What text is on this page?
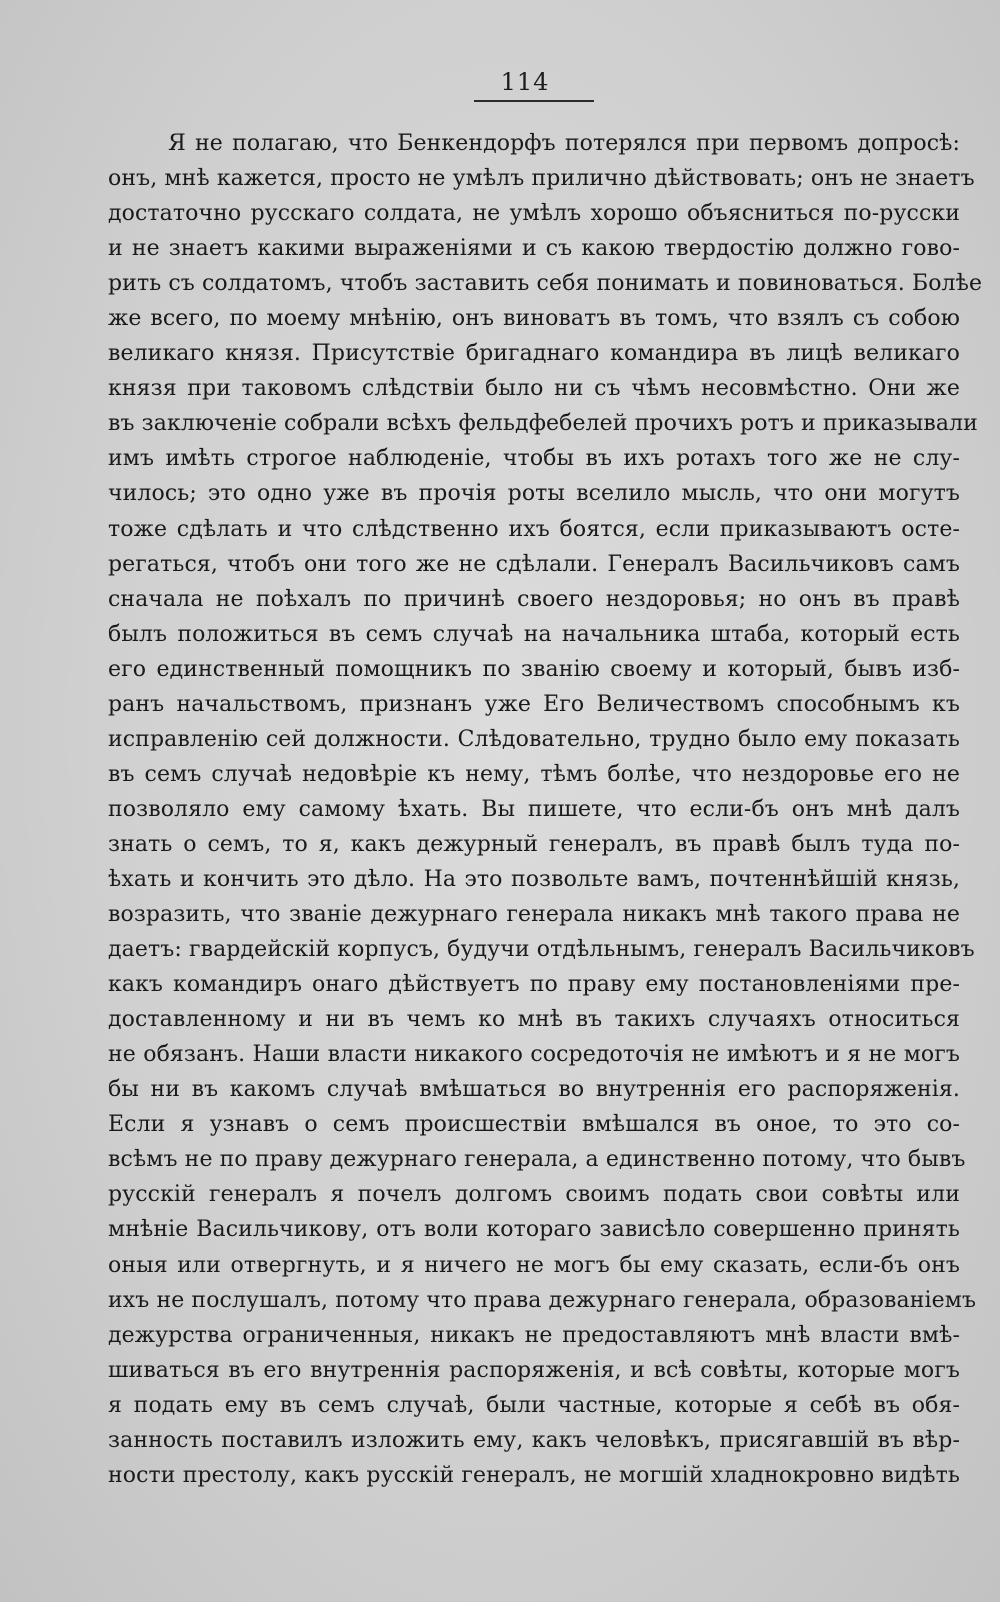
114
Я не полагаю, что Бенкендорфъ потерялся при первомъ допросѣ:
онъ, мнѣ кажется, просто не умѣлъ прилично дѣйствовать; онъ не знаетъ
достаточно русскаго солдата, не умѣлъ хорошо объясниться по-русски
и не знаетъ какими выраженіями и съ какою твердостію должно гово-
рить съ солдатомъ, чтобъ заставить себя понимать и повиноваться. Болѣе
же всего, по моему мнѣнію, онъ виноватъ въ томъ, что взялъ съ собою
великаго князя. Присутствіе бригаднаго командира въ лицѣ великаго
князя при таковомъ слѣдствіи было ни съ чѣмъ несовмѣстно. Они же
въ заключеніе собрали всѣхъ фельдфебелей прочихъ ротъ и приказывали
имъ имѣть строгое наблюденіе, чтобы въ ихъ ротахъ того же не слу-
чилось; это одно уже въ прочія роты вселило мысль, что они могутъ
тоже сдѣлать и что слѣдственно ихъ боятся, если приказываютъ осте-
регаться, чтобъ они того же не сдѣлали. Генералъ Васильчиковъ самъ
сначала не поѣхалъ по причинѣ своего нездоровья; но онъ въ правѣ
былъ положиться въ семъ случаѣ на начальника штаба, который есть
его единственный помощникъ по званію своему и который, бывъ изб-
ранъ начальствомъ, признанъ уже Его Величествомъ способнымъ къ
исправленію сей должности. Слѣдовательно, трудно было ему показать
въ семъ случаѣ недовѣріе къ нему, тѣмъ болѣе, что нездоровье его не
позволяло ему самому ѣхать. Вы пишете, что если-бъ онъ мнѣ далъ
знать о семъ, то я, какъ дежурный генералъ, въ правѣ былъ туда по-
ѣхать и кончить это дѣло. На это позвольте вамъ, почтеннѣйшій князь,
возразить, что званіе дежурнаго генерала никакъ мнѣ такого права не
даетъ: гвардейскій корпусъ, будучи отдѣльнымъ, генералъ Васильчиковъ
какъ командиръ онаго дѣйствуетъ по праву ему постановленіями пре-
доставленному и ни въ чемъ ко мнѣ въ такихъ случаяхъ относиться
не обязанъ. Наши власти никакого сосредоточія не имѣютъ и я не могъ
бы ни въ какомъ случаѣ вмѣшаться во внутреннія его распоряженія.
Если я узнавъ о семъ происшествіи вмѣшался въ оное, то это со-
всѣмъ не по праву дежурнаго генерала, а единственно потому, что бывъ
русскій генералъ я почелъ долгомъ своимъ подать свои совѣты или
мнѣніе Васильчикову, отъ воли котораго зависѣло совершенно принять
оныя или отвергнуть, и я ничего не могъ бы ему сказать, если-бъ онъ
ихъ не послушалъ, потому что права дежурнаго генерала, образованіемъ
дежурства ограниченныя, никакъ не предоставляютъ мнѣ власти вмѣ-
шиваться въ его внутреннія распоряженія, и всѣ совѣты, которые могъ
я подать ему въ семъ случаѣ, были частные, которые я себѣ въ обя-
занность поставилъ изложить ему, какъ человѣкъ, присягавшій въ вѣр-
ности престолу, какъ русскій генералъ, не могшій хладнокровно видѣть
